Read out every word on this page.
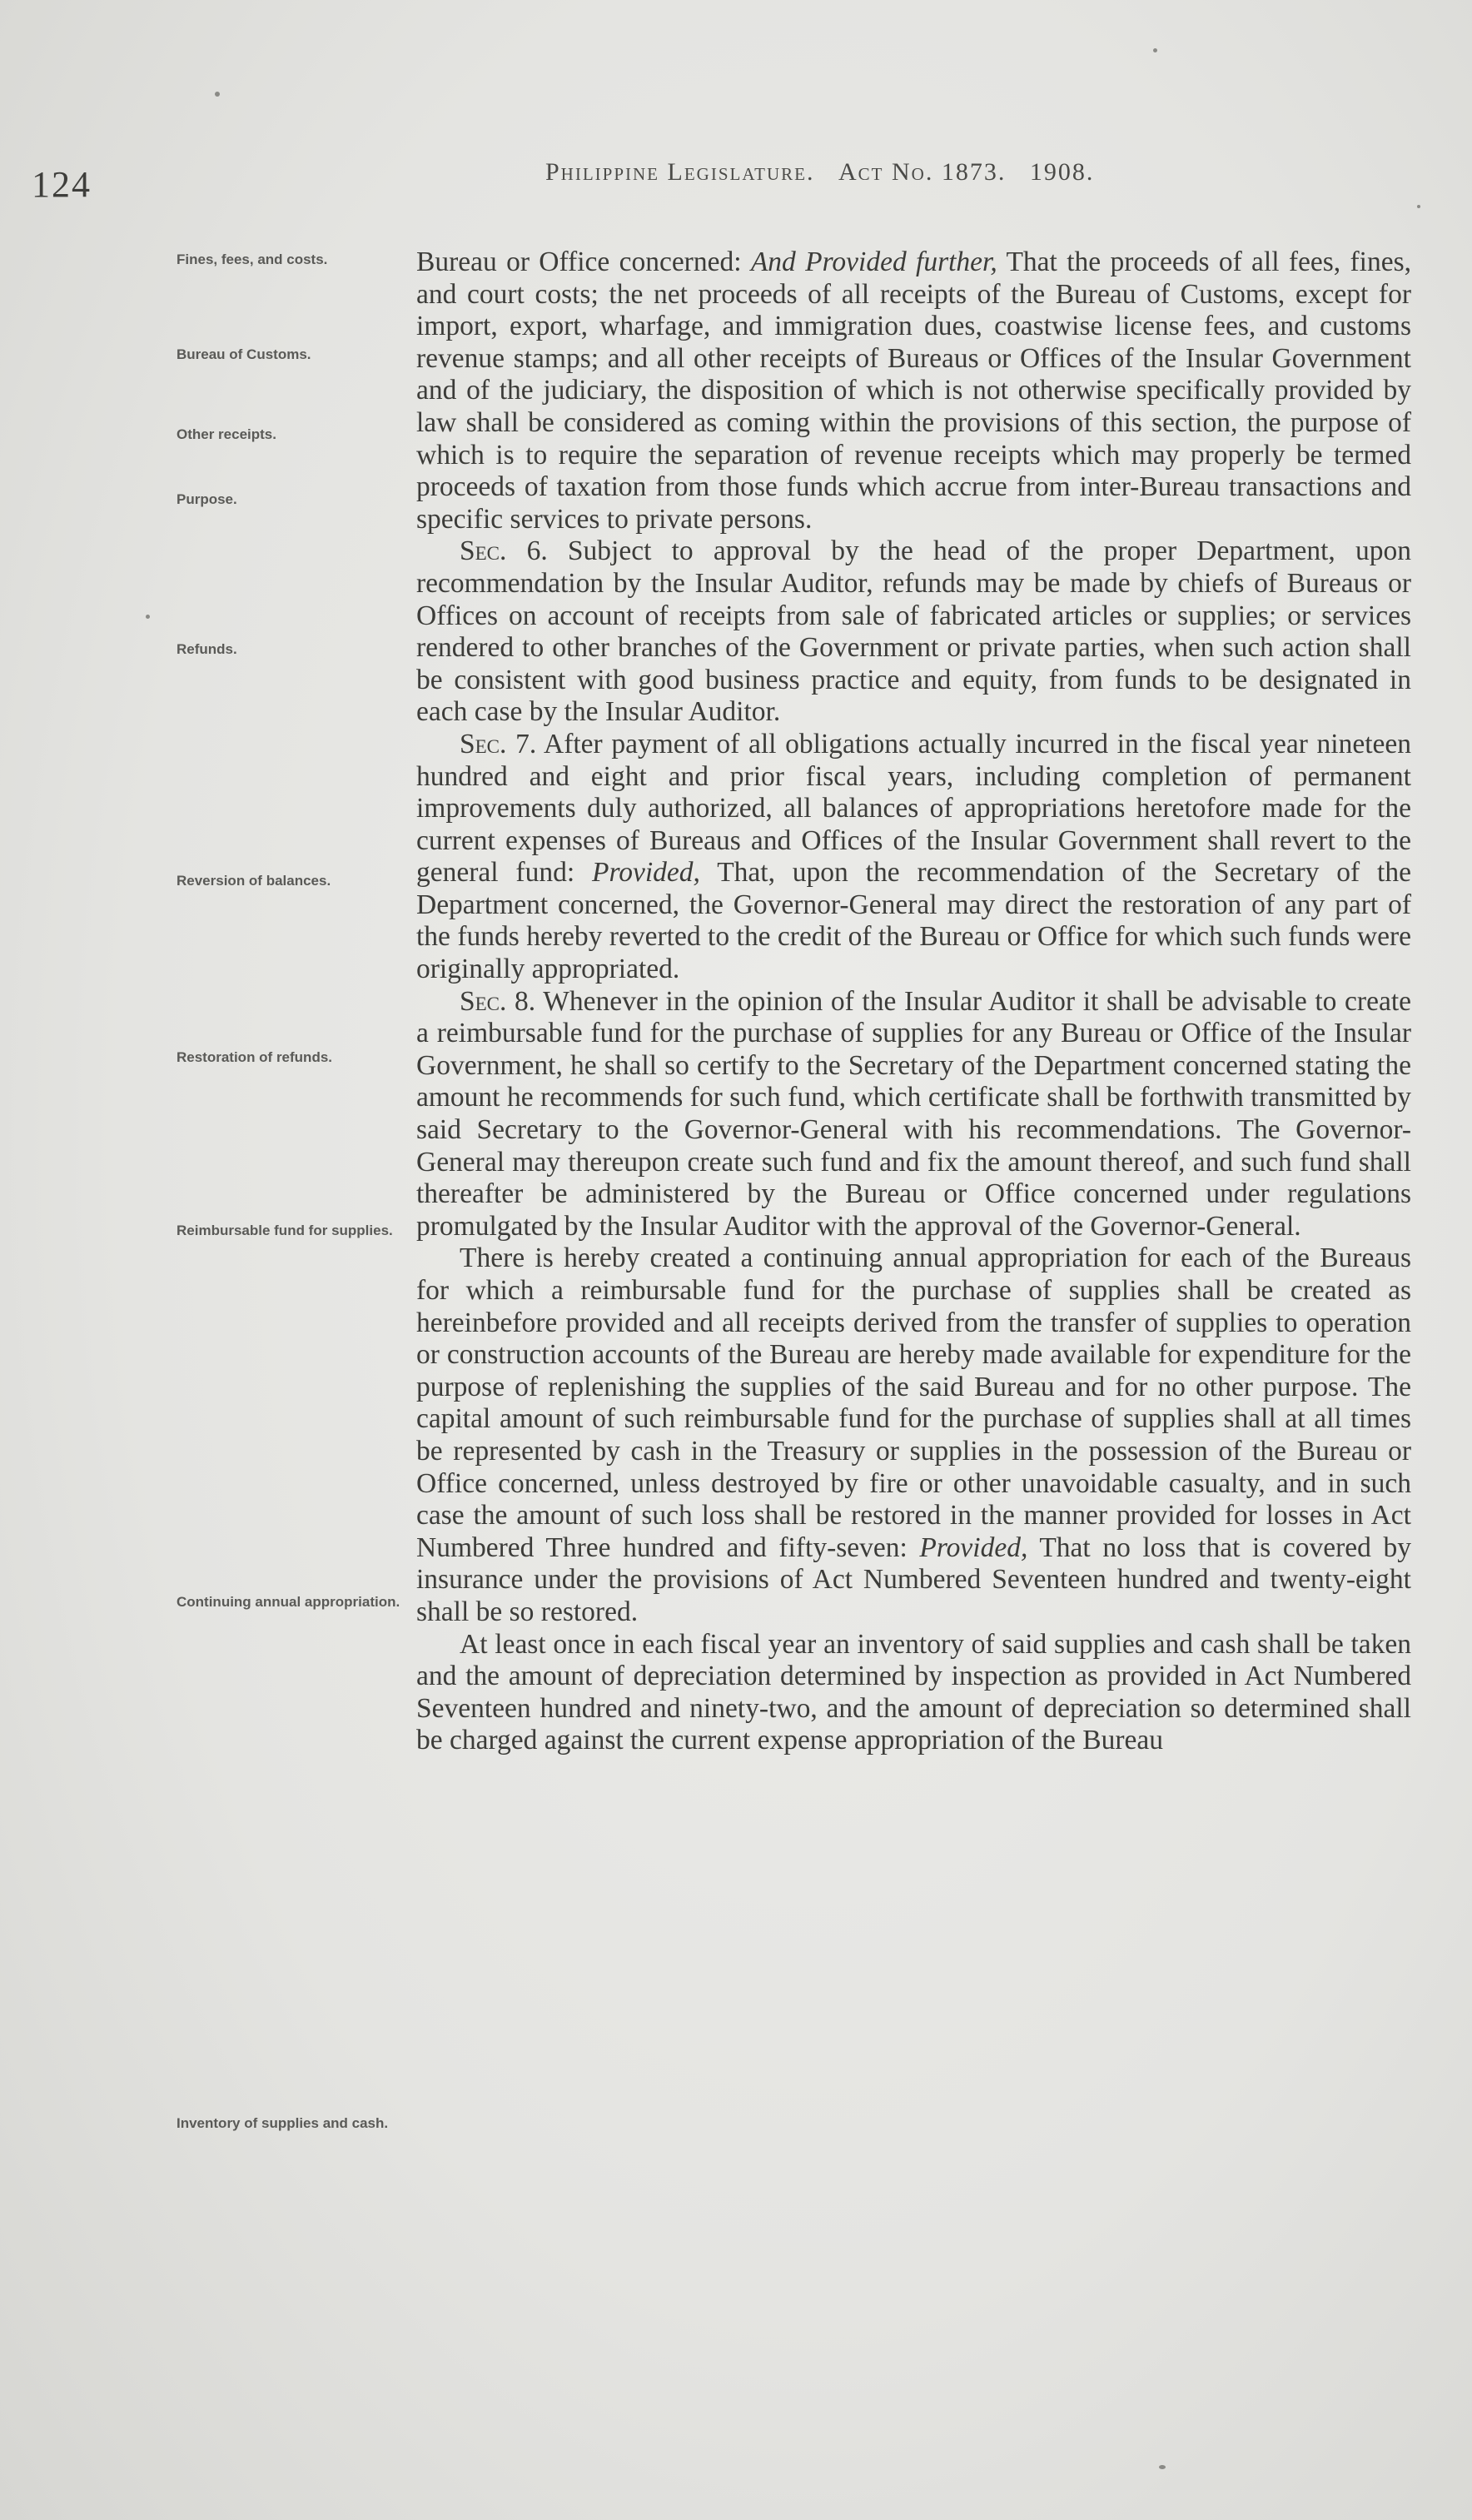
124	Philippine Legislature. Act No. 1873. 1908.
Fines, fees, and costs.
Bureau of Customs.
Other receipts.
Purpose.
Refunds.
Reversion of balances.
Restoration of refunds.
Reimbursable fund for supplies.
Continuing annual appropriation.
Inventory of supplies and cash.

Bureau or Office concerned: And Provided further, That the proceeds of all fees, fines, and court costs; the net proceeds of all receipts of the Bureau of Customs, except for import, export, wharfage, and immigration dues, coastwise license fees, and customs revenue stamps; and all other receipts of Bureaus or Offices of the Insular Government and of the judiciary, the disposition of which is not otherwise specifically provided by law shall be considered as coming within the provisions of this section, the purpose of which is to require the separation of revenue receipts which may properly be termed proceeds of taxation from those funds which accrue from inter-Bureau transactions and specific services to private persons.

Sec. 6. Subject to approval by the head of the proper Department, upon recommendation by the Insular Auditor, refunds may be made by chiefs of Bureaus or Offices on account of receipts from sale of fabricated articles or supplies; or services rendered to other branches of the Government or private parties, when such action shall be consistent with good business practice and equity, from funds to be designated in each case by the Insular Auditor.

Sec. 7. After payment of all obligations actually incurred in the fiscal year nineteen hundred and eight and prior fiscal years, including completion of permanent improvements duly authorized, all balances of appropriations heretofore made for the current expenses of Bureaus and Offices of the Insular Government shall revert to the general fund: Provided, That, upon the recommendation of the Secretary of the Department concerned, the Governor-General may direct the restoration of any part of the funds hereby reverted to the credit of the Bureau or Office for which such funds were originally appropriated.

Sec. 8. Whenever in the opinion of the Insular Auditor it shall be advisable to create a reimbursable fund for the purchase of supplies for any Bureau or Office of the Insular Government, he shall so certify to the Secretary of the Department concerned stating the amount he recommends for such fund, which certificate shall be forthwith transmitted by said Secretary to the Governor-General with his recommendations. The Governor-General may thereupon create such fund and fix the amount thereof, and such fund shall thereafter be administered by the Bureau or Office concerned under regulations promulgated by the Insular Auditor with the approval of the Governor-General.

There is hereby created a continuing annual appropriation for each of the Bureaus for which a reimbursable fund for the purchase of supplies shall be created as hereinbefore provided and all receipts derived from the transfer of supplies to operation or construction accounts of the Bureau are hereby made available for expenditure for the purpose of replenishing the supplies of the said Bureau and for no other purpose. The capital amount of such reimbursable fund for the purchase of supplies shall at all times be represented by cash in the Treasury or supplies in the possession of the Bureau or Office concerned, unless destroyed by fire or other unavoidable casualty, and in such case the amount of such loss shall be restored in the manner provided for losses in Act Numbered Three hundred and fifty-seven: Provided, That no loss that is covered by insurance under the provisions of Act Numbered Seventeen hundred and twenty-eight shall be so restored.

At least once in each fiscal year an inventory of said supplies and cash shall be taken and the amount of depreciation determined by inspection as provided in Act Numbered Seventeen hundred and ninety-two, and the amount of depreciation so determined shall be charged against the current expense appropriation of the Bureau
